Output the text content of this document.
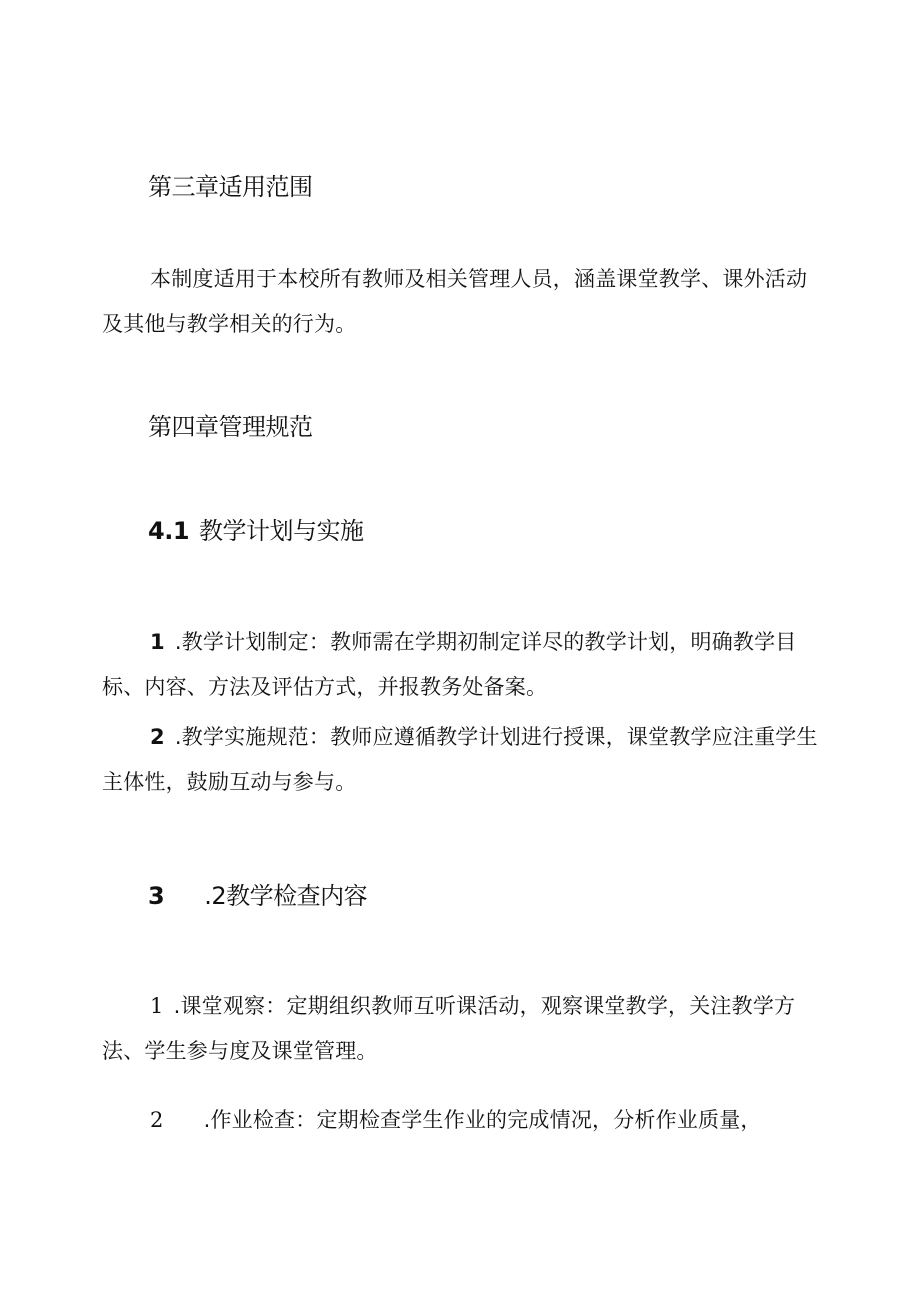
第三章适用范围
本制度适用于本校所有教师及相关管理人员，涵盖课堂教学、课外活动及其他与教学相关的行为。
第四章管理规范
4.1 教学计划与实施
1 .教学计划制定：教师需在学期初制定详尽的教学计划，明确教学目标、内容、方法及评估方式，并报教务处备案。
2 .教学实施规范：教师应遵循教学计划进行授课，课堂教学应注重学生主体性，鼓励互动与参与。
3 .2教学检查内容
1 .课堂观察：定期组织教师互听课活动，观察课堂教学，关注教学方法、学生参与度及课堂管理。
2 .作业检查：定期检查学生作业的完成情况，分析作业质量，
